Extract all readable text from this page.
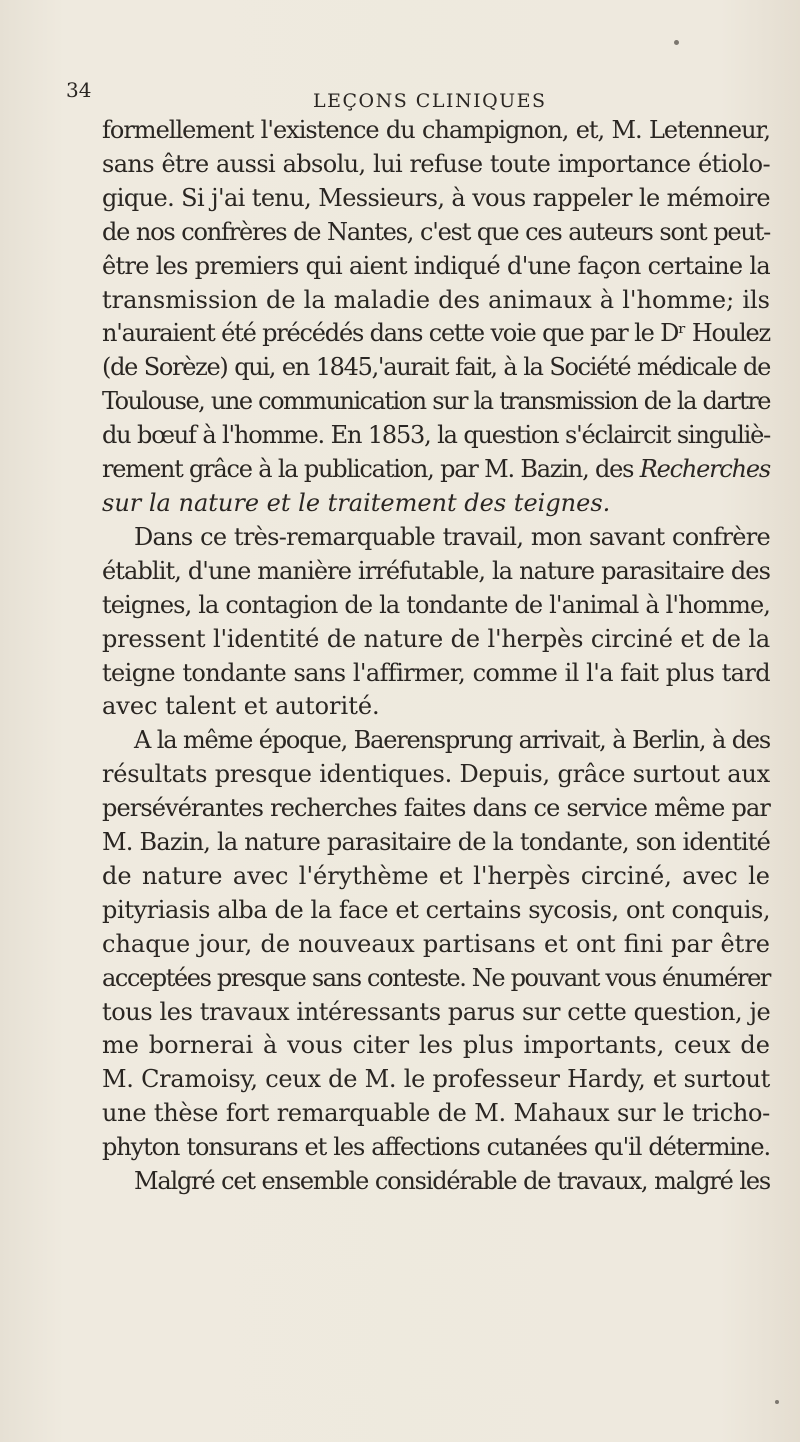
34	LEÇONS CLINIQUES
formellement l'existence du champignon, et, M. Letenneur,
sans être aussi absolu, lui refuse toute importance étiolo-
gique. Si j'ai tenu, Messieurs, à vous rappeler le mémoire
de nos confrères de Nantes, c'est que ces auteurs sont peut-
être les premiers qui aient indiqué d'une façon certaine la
transmission de la maladie des animaux à l'homme; ils
n'auraient été précédés dans cette voie que par le Dʳ Houlez
(de Sorèze) qui, en 1845,'aurait fait, à la Société médicale de
Toulouse, une communication sur la transmission de la dartre
du bœuf à l'homme. En 1853, la question s'éclaircit singuliè-
rement grâce à la publication, par M. Bazin, des Recherches
sur la nature et le traitement des teignes.
Dans ce très-remarquable travail, mon savant confrère
établit, d'une manière irréfutable, la nature parasitaire des
teignes, la contagion de la tondante de l'animal à l'homme,
pressent l'identité de nature de l'herpès circiné et de la
teigne tondante sans l'affirmer, comme il l'a fait plus tard
avec talent et autorité.
A la même époque, Baerensprung arrivait, à Berlin, à des
résultats presque identiques. Depuis, grâce surtout aux
persévérantes recherches faites dans ce service même par
M. Bazin, la nature parasitaire de la tondante, son identité
de nature avec l'érythème et l'herpès circiné, avec le
pityriasis alba de la face et certains sycosis, ont conquis,
chaque jour, de nouveaux partisans et ont fini par être
acceptées presque sans conteste. Ne pouvant vous énumérer
tous les travaux intéressants parus sur cette question, je
me bornerai à vous citer les plus importants, ceux de
M. Cramoisy, ceux de M. le professeur Hardy, et surtout
une thèse fort remarquable de M. Mahaux sur le tricho-
phyton tonsurans et les affections cutanées qu'il détermine.
Malgré cet ensemble considérable de travaux, malgré les
